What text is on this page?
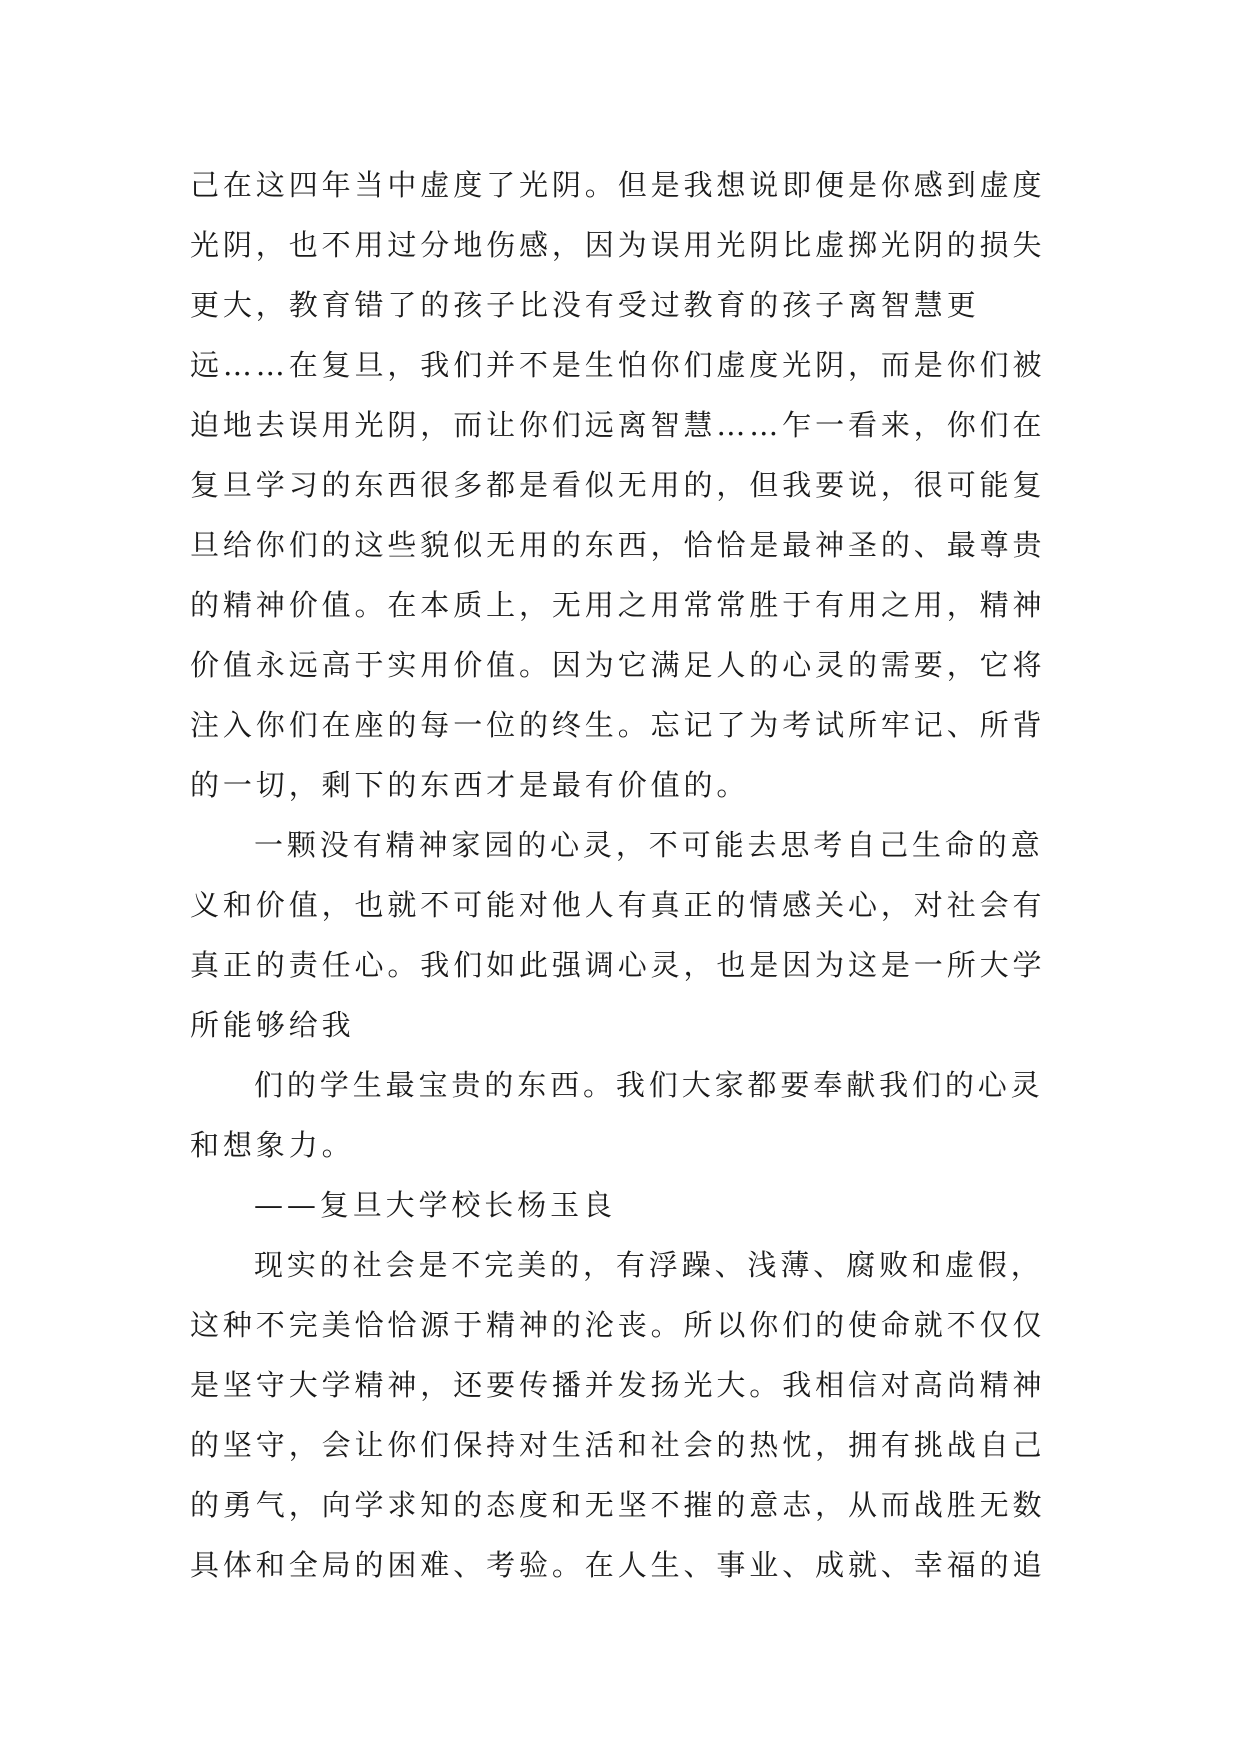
己在这四年当中虚度了光阴。但是我想说即便是你感到虚度
光阴，也不用过分地伤感，因为误用光阴比虚掷光阴的损失
更大，教育错了的孩子比没有受过教育的孩子离智慧更
远……在复旦，我们并不是生怕你们虚度光阴，而是你们被
迫地去误用光阴，而让你们远离智慧……乍一看来，你们在
复旦学习的东西很多都是看似无用的，但我要说，很可能复
旦给你们的这些貌似无用的东西，恰恰是最神圣的、最尊贵
的精神价值。在本质上，无用之用常常胜于有用之用，精神
价值永远高于实用价值。因为它满足人的心灵的需要，它将
注入你们在座的每一位的终生。忘记了为考试所牢记、所背
的一切，剩下的东西才是最有价值的。
一颗没有精神家园的心灵，不可能去思考自己生命的意
义和价值，也就不可能对他人有真正的情感关心，对社会有
真正的责任心。我们如此强调心灵，也是因为这是一所大学
所能够给我
们的学生最宝贵的东西。我们大家都要奉献我们的心灵
和想象力。
——复旦大学校长杨玉良
现实的社会是不完美的，有浮躁、浅薄、腐败和虚假，
这种不完美恰恰源于精神的沦丧。所以你们的使命就不仅仅
是坚守大学精神，还要传播并发扬光大。我相信对高尚精神
的坚守，会让你们保持对生活和社会的热忱，拥有挑战自己
的勇气，向学求知的态度和无坚不摧的意志，从而战胜无数
具体和全局的困难、考验。在人生、事业、成就、幸福的追
